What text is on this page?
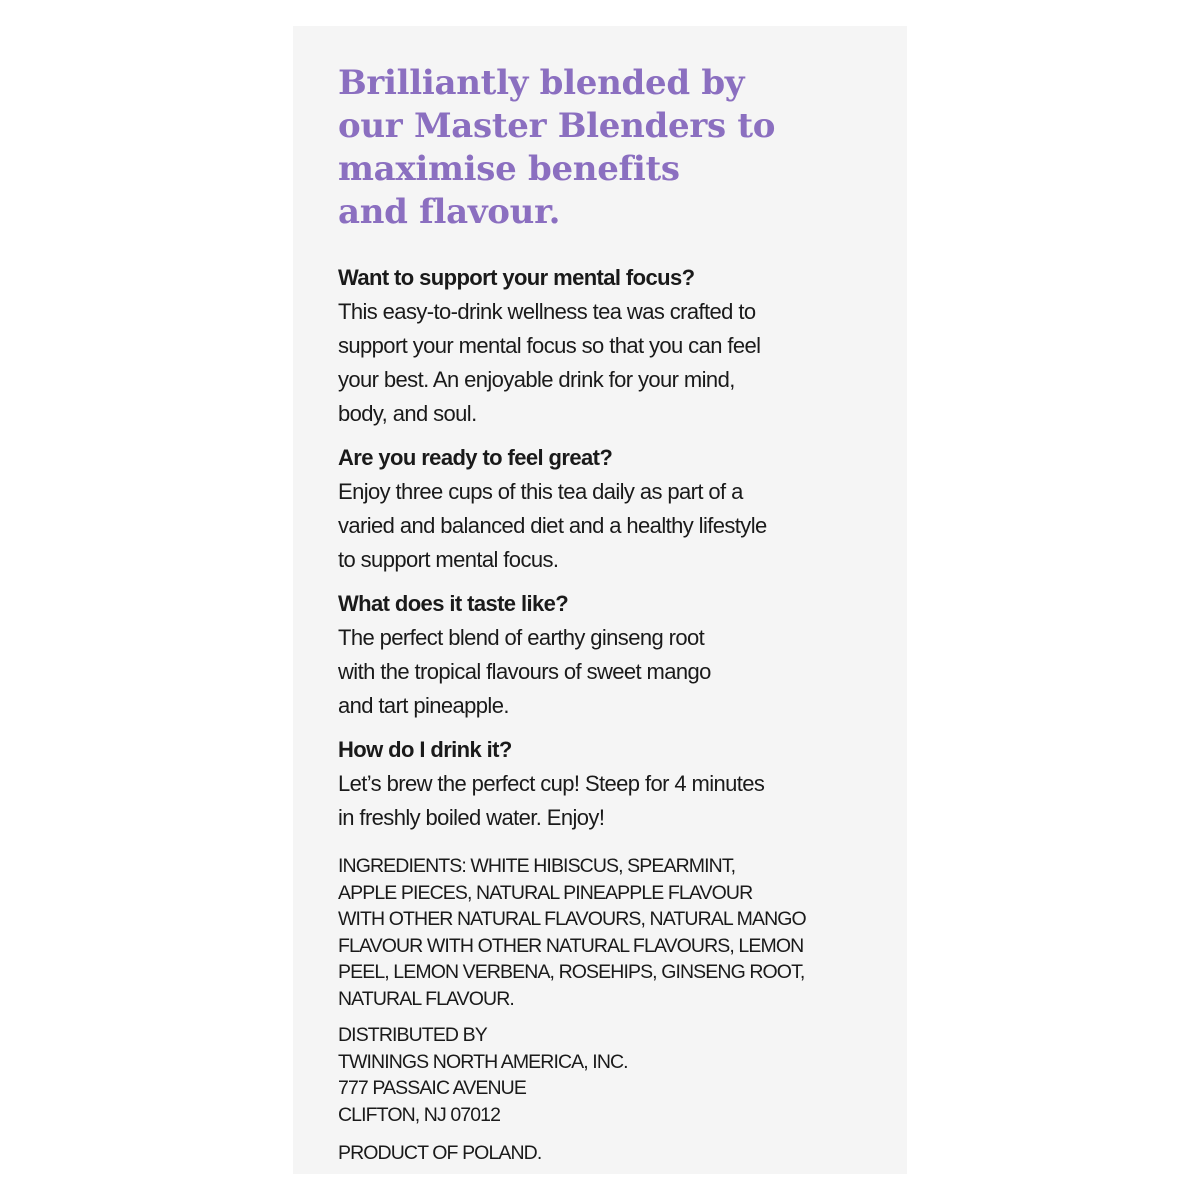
Brilliantly blended by
our Master Blenders to
maximise benefits
and flavour.
Want to support your mental focus?
This easy-to-drink wellness tea was crafted to
support your mental focus so that you can feel
your best. An enjoyable drink for your mind,
body, and soul.
Are you ready to feel great?
Enjoy three cups of this tea daily as part of a
varied and balanced diet and a healthy lifestyle
to support mental focus.
What does it taste like?
The perfect blend of earthy ginseng root
with the tropical flavours of sweet mango
and tart pineapple.
How do I drink it?
Let’s brew the perfect cup! Steep for 4 minutes
in freshly boiled water. Enjoy!
INGREDIENTS: WHITE HIBISCUS, SPEARMINT,
APPLE PIECES, NATURAL PINEAPPLE FLAVOUR
WITH OTHER NATURAL FLAVOURS, NATURAL MANGO
FLAVOUR WITH OTHER NATURAL FLAVOURS, LEMON
PEEL, LEMON VERBENA, ROSEHIPS, GINSENG ROOT,
NATURAL FLAVOUR.
DISTRIBUTED BY
TWININGS NORTH AMERICA, INC.
777 PASSAIC AVENUE
CLIFTON, NJ 07012
PRODUCT OF POLAND.
